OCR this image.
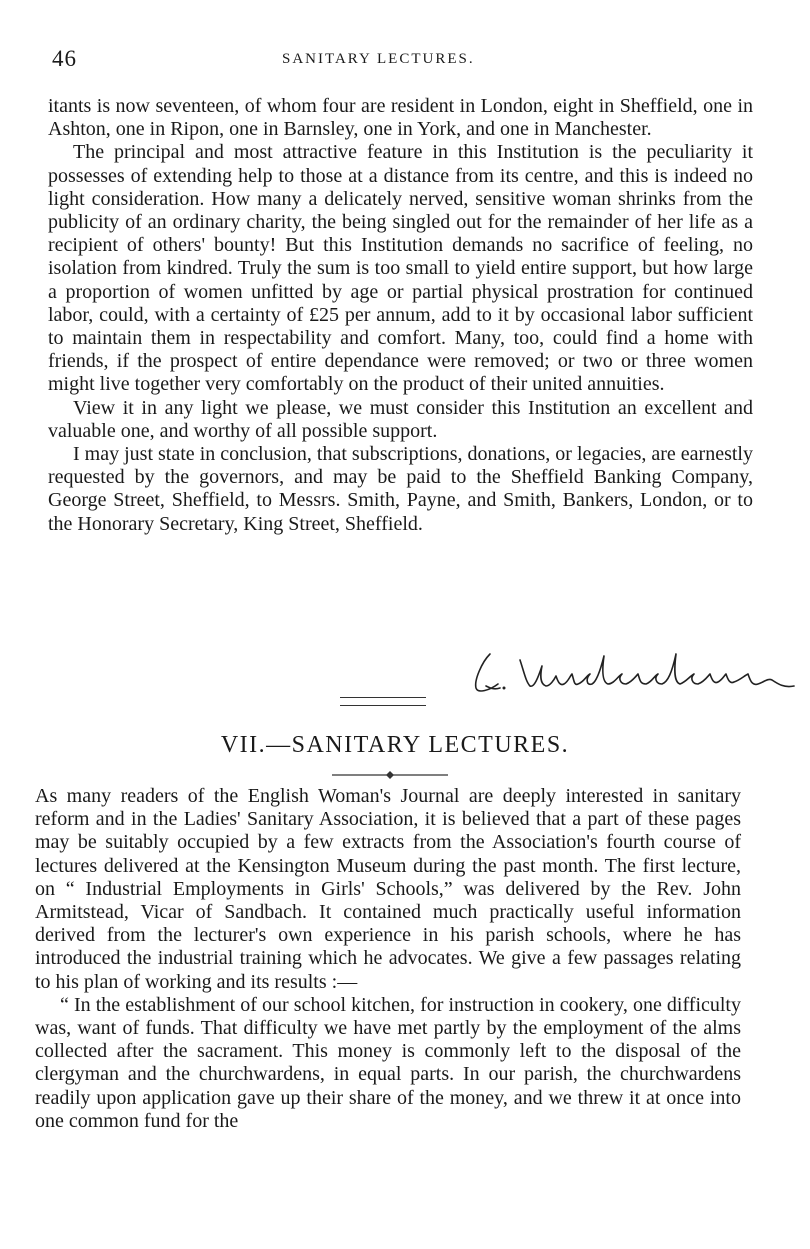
46	SANITARY LECTURES.

itants is now seventeen, of whom four are resident in London, eight in Sheffield, one in Ashton, one in Ripon, one in Barnsley, one in York, and one in Manchester.

The principal and most attractive feature in this Institution is the peculiarity it possesses of extending help to those at a distance from its centre, and this is indeed no light consideration. How many a delicately nerved, sensitive woman shrinks from the publicity of an ordinary charity, the being singled out for the remainder of her life as a recipient of others' bounty! But this Institution demands no sacrifice of feeling, no isolation from kindred. Truly the sum is too small to yield entire support, but how large a proportion of women unfitted by age or partial physical prostration for continued labor, could, with a certainty of £25 per annum, add to it by occasional labor sufficient to maintain them in respectability and comfort. Many, too, could find a home with friends, if the prospect of entire dependance were removed; or two or three women might live together very comfortably on the product of their united annuities.

View it in any light we please, we must consider this Institution an excellent and valuable one, and worthy of all possible support.

I may just state in conclusion, that subscriptions, donations, or legacies, are earnestly requested by the governors, and may be paid to the Sheffield Banking Company, George Street, Sheffield, to Messrs. Smith, Payne, and Smith, Bankers, London, or to the Honorary Secretary, King Street, Sheffield.

VII.—SANITARY LECTURES.

As many readers of the English Woman's Journal are deeply interested in sanitary reform and in the Ladies' Sanitary Association, it is believed that a part of these pages may be suitably occupied by a few extracts from the Association's fourth course of lectures delivered at the Kensington Museum during the past month. The first lecture, on “ Industrial Employments in Girls' Schools,” was delivered by the Rev. John Armitstead, Vicar of Sandbach. It contained much practically useful information derived from the lecturer's own experience in his parish schools, where he has introduced the industrial training which he advocates. We give a few passages relating to his plan of working and its results :—

“ In the establishment of our school kitchen, for instruction in cookery, one difficulty was, want of funds. That difficulty we have met partly by the employment of the alms collected after the sacrament. This money is commonly left to the disposal of the clergyman and the churchwardens, in equal parts. In our parish, the churchwardens readily upon application gave up their share of the money, and we threw it at once into one common fund for the
